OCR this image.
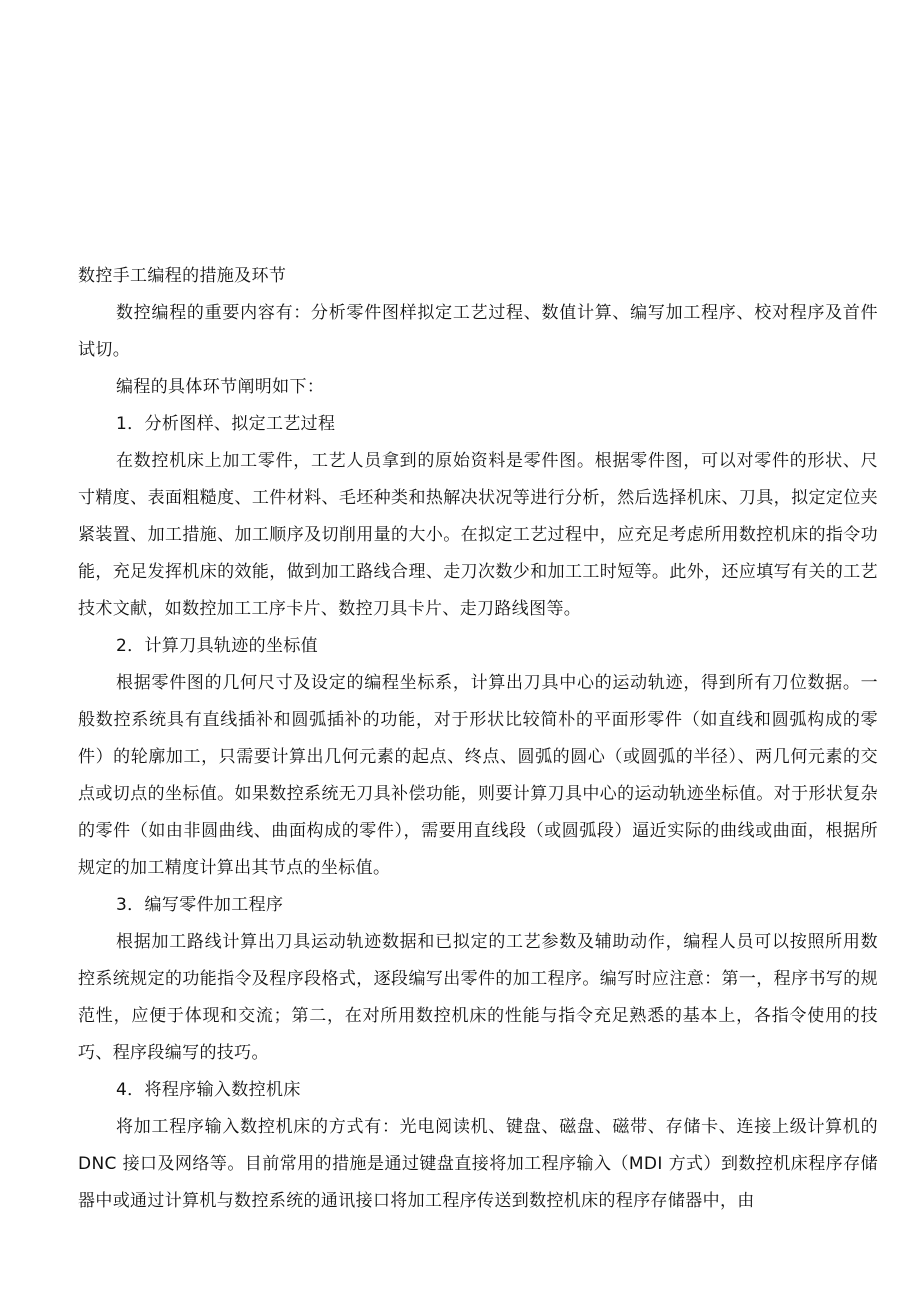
数控手工编程的措施及环节

数控编程的重要内容有：分析零件图样拟定工艺过程、数值计算、编写加工程序、校对程序及首件试切。

编程的具体环节阐明如下：

1．分析图样、拟定工艺过程

在数控机床上加工零件，工艺人员拿到的原始资料是零件图。根据零件图，可以对零件的形状、尺寸精度、表面粗糙度、工件材料、毛坯种类和热解决状况等进行分析，然后选择机床、刀具，拟定定位夹紧装置、加工措施、加工顺序及切削用量的大小。在拟定工艺过程中，应充足考虑所用数控机床的指令功能，充足发挥机床的效能，做到加工路线合理、走刀次数少和加工工时短等。此外，还应填写有关的工艺技术文献，如数控加工工序卡片、数控刀具卡片、走刀路线图等。

2．计算刀具轨迹的坐标值

根据零件图的几何尺寸及设定的编程坐标系，计算出刀具中心的运动轨迹，得到所有刀位数据。一般数控系统具有直线插补和圆弧插补的功能，对于形状比较简朴的平面形零件（如直线和圆弧构成的零件）的轮廓加工，只需要计算出几何元素的起点、终点、圆弧的圆心（或圆弧的半径）、两几何元素的交点或切点的坐标值。如果数控系统无刀具补偿功能，则要计算刀具中心的运动轨迹坐标值。对于形状复杂的零件（如由非圆曲线、曲面构成的零件），需要用直线段（或圆弧段）逼近实际的曲线或曲面，根据所规定的加工精度计算出其节点的坐标值。

3．编写零件加工程序

根据加工路线计算出刀具运动轨迹数据和已拟定的工艺参数及辅助动作，编程人员可以按照所用数控系统规定的功能指令及程序段格式，逐段编写出零件的加工程序。编写时应注意：第一，程序书写的规范性，应便于体现和交流；第二，在对所用数控机床的性能与指令充足熟悉的基本上，各指令使用的技巧、程序段编写的技巧。

4．将程序输入数控机床

将加工程序输入数控机床的方式有：光电阅读机、键盘、磁盘、磁带、存储卡、连接上级计算机的 DNC 接口及网络等。目前常用的措施是通过键盘直接将加工程序输入（MDI 方式）到数控机床程序存储器中或通过计算机与数控系统的通讯接口将加工程序传送到数控机床的程序存储器中，由
